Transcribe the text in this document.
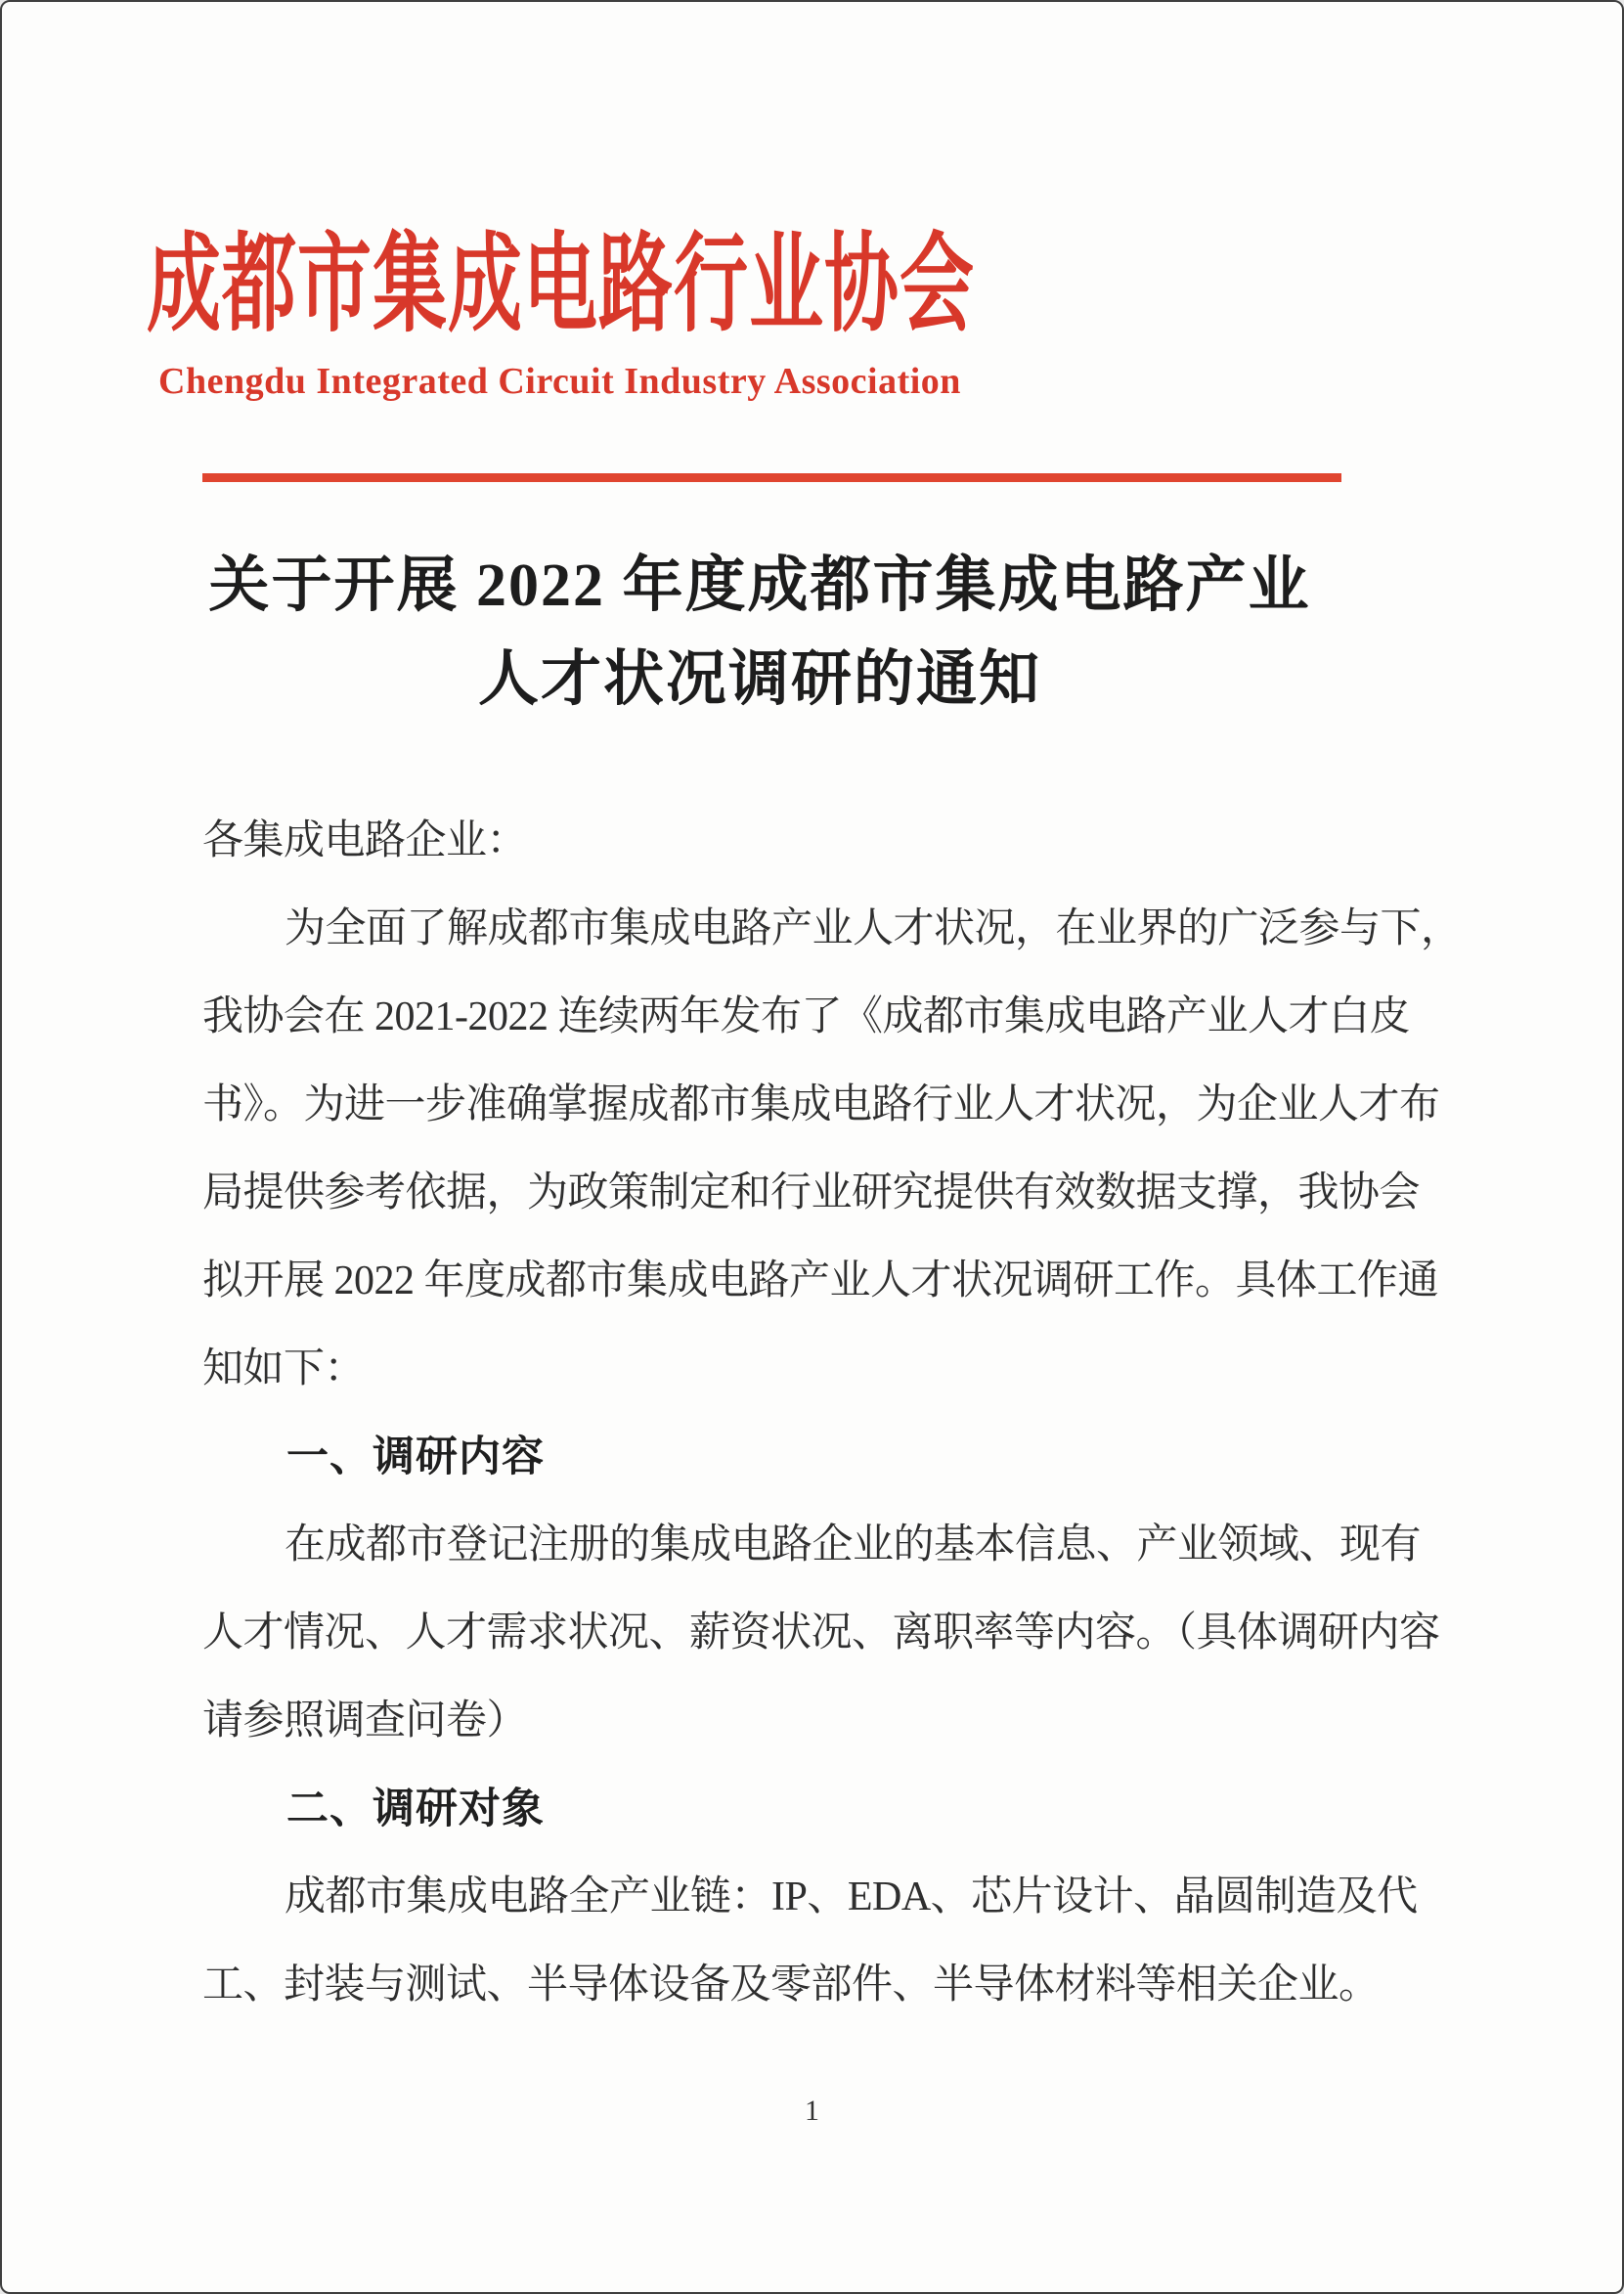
成都市集成电路行业协会
Chengdu Integrated Circuit Industry Association
关于开展 2022 年度成都市集成电路产业
人才状况调研的通知
各集成电路企业：
为全面了解成都市集成电路产业人才状况，在业界的广泛参与下，
我协会在 2021-2022 连续两年发布了《成都市集成电路产业人才白皮
书》。为进一步准确掌握成都市集成电路行业人才状况，为企业人才布
局提供参考依据，为政策制定和行业研究提供有效数据支撑，我协会
拟开展 2022 年度成都市集成电路产业人才状况调研工作。具体工作通
知如下：
一、调研内容
在成都市登记注册的集成电路企业的基本信息、产业领域、现有
人才情况、人才需求状况、薪资状况、离职率等内容。（具体调研内容
请参照调查问卷）
二、调研对象
成都市集成电路全产业链：IP、EDA、芯片设计、晶圆制造及代
工、封装与测试、半导体设备及零部件、半导体材料等相关企业。
1
